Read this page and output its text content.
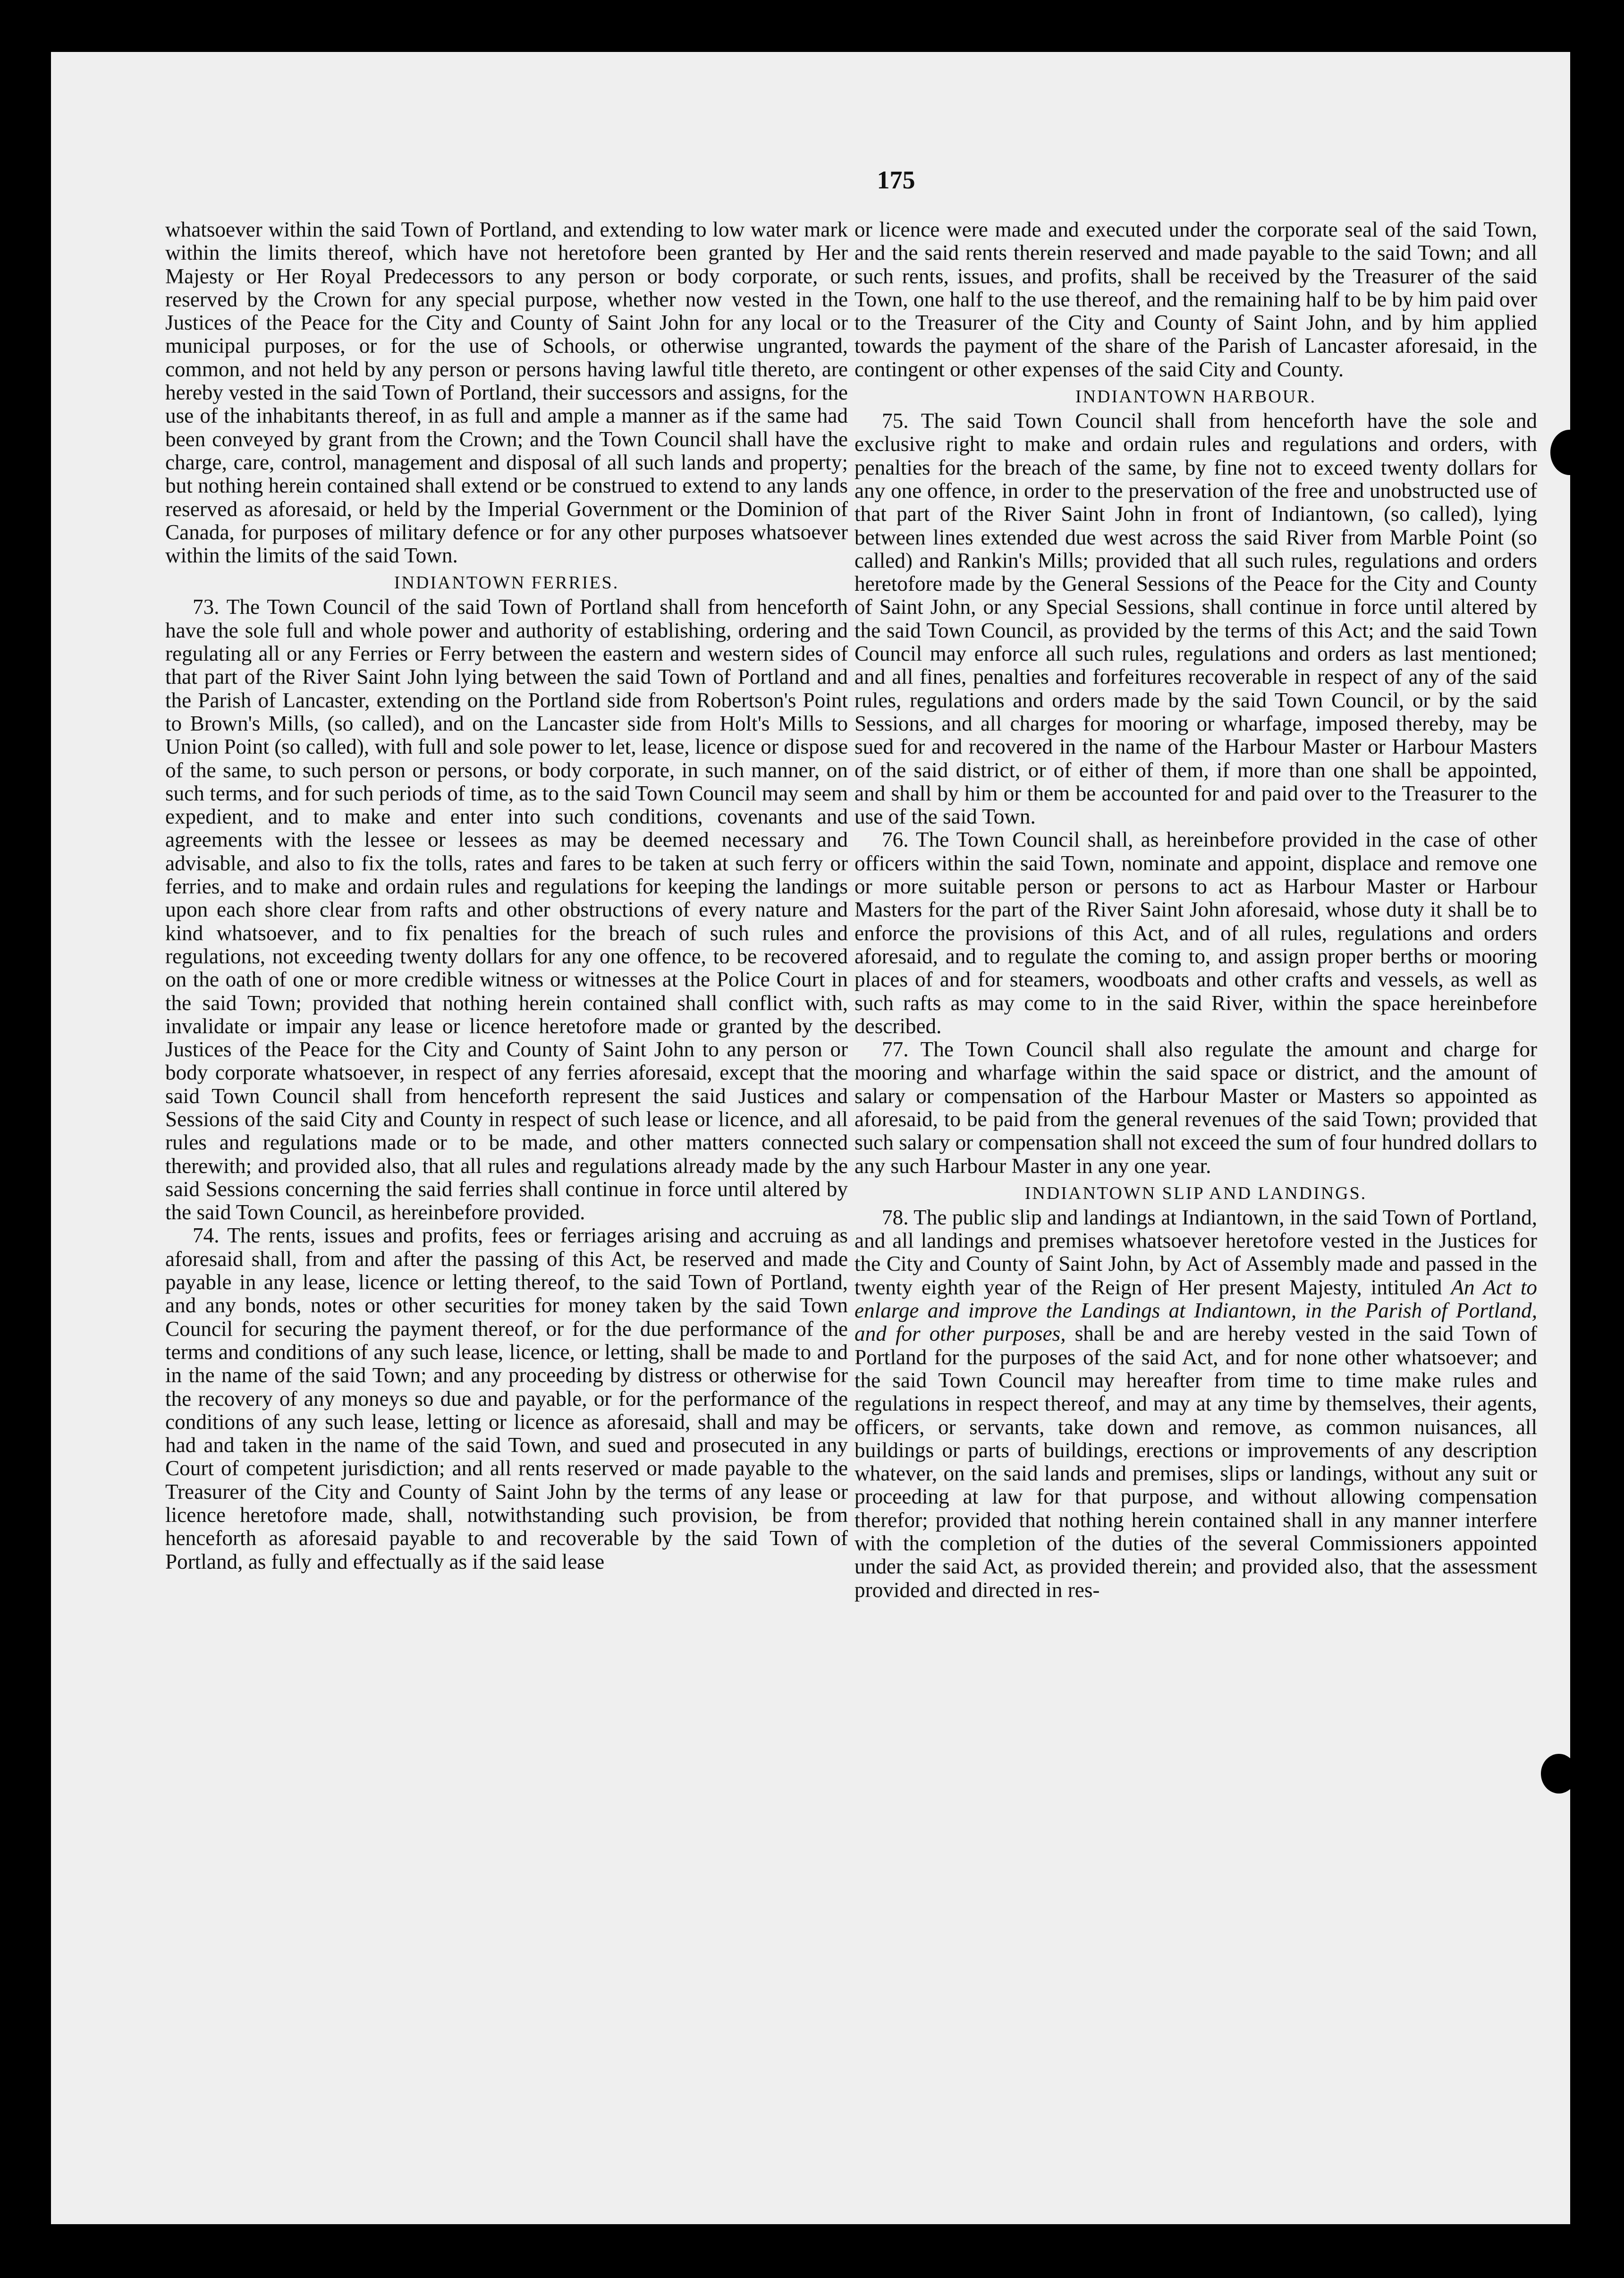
175

whatsoever within the said Town of Portland, and extending to low water mark within the limits thereof, which have not heretofore been granted by Her Majesty or Her Royal Predecessors to any person or body corporate, or reserved by the Crown for any special purpose, whether now vested in the Justices of the Peace for the City and County of Saint John for any local or municipal purposes, or for the use of Schools, or otherwise ungranted, common, and not held by any person or persons having lawful title thereto, are hereby vested in the said Town of Portland, their successors and assigns, for the use of the inhabitants thereof, in as full and ample a manner as if the same had been conveyed by grant from the Crown; and the Town Council shall have the charge, care, control, management and disposal of all such lands and property; but nothing herein contained shall extend or be construed to extend to any lands reserved as aforesaid, or held by the Imperial Government or the Dominion of Canada, for purposes of military defence or for any other purposes whatsoever within the limits of the said Town.

INDIANTOWN FERRIES.

73. The Town Council of the said Town of Portland shall from henceforth have the sole full and whole power and authority of establishing, ordering and regulating all or any Ferries or Ferry between the eastern and western sides of that part of the River Saint John lying between the said Town of Portland and the Parish of Lancaster, extending on the Portland side from Robertson's Point to Brown's Mills, (so called), and on the Lancaster side from Holt's Mills to Union Point (so called), with full and sole power to let, lease, licence or dispose of the same, to such person or persons, or body corporate, in such manner, on such terms, and for such periods of time, as to the said Town Council may seem expedient, and to make and enter into such conditions, covenants and agreements with the lessee or lessees as may be deemed necessary and advisable, and also to fix the tolls, rates and fares to be taken at such ferry or ferries, and to make and ordain rules and regulations for keeping the landings upon each shore clear from rafts and other obstructions of every nature and kind whatsoever, and to fix penalties for the breach of such rules and regulations, not exceeding twenty dollars for any one offence, to be recovered on the oath of one or more credible witness or witnesses at the Police Court in the said Town; provided that nothing herein contained shall conflict with, invalidate or impair any lease or licence heretofore made or granted by the Justices of the Peace for the City and County of Saint John to any person or body corporate whatsoever, in respect of any ferries aforesaid, except that the said Town Council shall from henceforth represent the said Justices and Sessions of the said City and County in respect of such lease or licence, and all rules and regulations made or to be made, and other matters connected therewith; and provided also, that all rules and regulations already made by the said Sessions concerning the said ferries shall continue in force until altered by the said Town Council, as hereinbefore provided.

74. The rents, issues and profits, fees or ferriages arising and accruing as aforesaid shall, from and after the passing of this Act, be reserved and made payable in any lease, licence or letting thereof, to the said Town of Portland, and any bonds, notes or other securities for money taken by the said Town Council for securing the payment thereof, or for the due performance of the terms and conditions of any such lease, licence, or letting, shall be made to and in the name of the said Town; and any proceeding by distress or otherwise for the recovery of any moneys so due and payable, or for the performance of the conditions of any such lease, letting or licence as aforesaid, shall and may be had and taken in the name of the said Town, and sued and prosecuted in any Court of competent jurisdiction; and all rents reserved or made payable to the Treasurer of the City and County of Saint John by the terms of any lease or licence heretofore made, shall, notwithstanding such provision, be from henceforth as aforesaid payable to and recoverable by the said Town of Portland, as fully and effectually as if the said lease

or licence were made and executed under the corporate seal of the said Town, and the said rents therein reserved and made payable to the said Town; and all such rents, issues, and profits, shall be received by the Treasurer of the said Town, one half to the use thereof, and the remaining half to be by him paid over to the Treasurer of the City and County of Saint John, and by him applied towards the payment of the share of the Parish of Lancaster aforesaid, in the contingent or other expenses of the said City and County.

INDIANTOWN HARBOUR.

75. The said Town Council shall from henceforth have the sole and exclusive right to make and ordain rules and regulations and orders, with penalties for the breach of the same, by fine not to exceed twenty dollars for any one offence, in order to the preservation of the free and unobstructed use of that part of the River Saint John in front of Indiantown, (so called), lying between lines extended due west across the said River from Marble Point (so called) and Rankin's Mills; provided that all such rules, regulations and orders heretofore made by the General Sessions of the Peace for the City and County of Saint John, or any Special Sessions, shall continue in force until altered by the said Town Council, as provided by the terms of this Act; and the said Town Council may enforce all such rules, regulations and orders as last mentioned; and all fines, penalties and forfeitures recoverable in respect of any of the said rules, regulations and orders made by the said Town Council, or by the said Sessions, and all charges for mooring or wharfage, imposed thereby, may be sued for and recovered in the name of the Harbour Master or Harbour Masters of the said district, or of either of them, if more than one shall be appointed, and shall by him or them be accounted for and paid over to the Treasurer to the use of the said Town.

76. The Town Council shall, as hereinbefore provided in the case of other officers within the said Town, nominate and appoint, displace and remove one or more suitable person or persons to act as Harbour Master or Harbour Masters for the part of the River Saint John aforesaid, whose duty it shall be to enforce the provisions of this Act, and of all rules, regulations and orders aforesaid, and to regulate the coming to, and assign proper berths or mooring places of and for steamers, woodboats and other crafts and vessels, as well as such rafts as may come to in the said River, within the space hereinbefore described.

77. The Town Council shall also regulate the amount and charge for mooring and wharfage within the said space or district, and the amount of salary or compensation of the Harbour Master or Masters so appointed as aforesaid, to be paid from the general revenues of the said Town; provided that such salary or compensation shall not exceed the sum of four hundred dollars to any such Harbour Master in any one year.

INDIANTOWN SLIP AND LANDINGS.

78. The public slip and landings at Indiantown, in the said Town of Portland, and all landings and premises whatsoever heretofore vested in the Justices for the City and County of Saint John, by Act of Assembly made and passed in the twenty eighth year of the Reign of Her present Majesty, intituled An Act to enlarge and improve the Landings at Indiantown, in the Parish of Portland, and for other purposes, shall be and are hereby vested in the said Town of Portland for the purposes of the said Act, and for none other whatsoever; and the said Town Council may hereafter from time to time make rules and regulations in respect thereof, and may at any time by themselves, their agents, officers, or servants, take down and remove, as common nuisances, all buildings or parts of buildings, erections or improvements of any description whatever, on the said lands and premises, slips or landings, without any suit or proceeding at law for that purpose, and without allowing compensation therefor; provided that nothing herein contained shall in any manner interfere with the completion of the duties of the several Commissioners appointed under the said Act, as provided therein; and provided also, that the assessment provided and directed in res-
